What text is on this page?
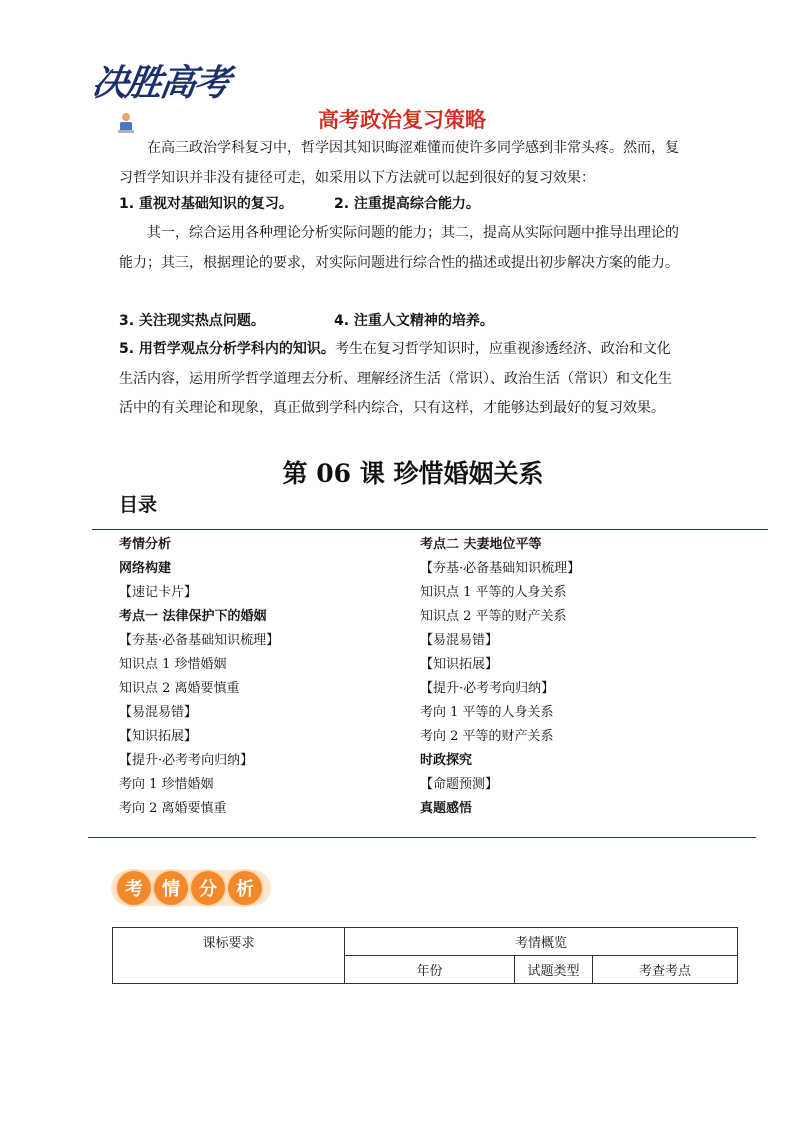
决胜高考
高考政治复习策略
在高三政治学科复习中，哲学因其知识晦涩难懂而使许多同学感到非常头疼。然而，复习哲学知识并非没有捷径可走，如采用以下方法就可以起到很好的复习效果：
1. 重视对基础知识的复习。	2. 注重提高综合能力。
其一，综合运用各种理论分析实际问题的能力；其二，提高从实际问题中推导出理论的能力；其三，根据理论的要求，对实际问题进行综合性的描述或提出初步解决方案的能力。
3. 关注现实热点问题。	4. 注重人文精神的培养。
5. 用哲学观点分析学科内的知识。考生在复习哲学知识时，应重视渗透经济、政治和文化生活内容，运用所学哲学道理去分析、理解经济生活（常识）、政治生活（常识）和文化生活中的有关理论和现象，真正做到学科内综合，只有这样，才能够达到最好的复习效果。
第 06 课 珍惜婚姻关系
目录
考情分析
网络构建
【速记卡片】
考点一 法律保护下的婚姻
【夯基·必备基础知识梳理】
知识点 1 珍惜婚姻
知识点 2 离婚要慎重
【易混易错】
【知识拓展】
【提升·必考考向归纳】
考向 1 珍惜婚姻
考向 2 离婚要慎重
考点二 夫妻地位平等
【夯基·必备基础知识梳理】
知识点 1 平等的人身关系
知识点 2 平等的财产关系
【易混易错】
【知识拓展】
【提升·必考考向归纳】
考向 1 平等的人身关系
考向 2 平等的财产关系
时政探究
【命题预测】
真题感悟
考	情	分	析
课标要求	考情概览		
	年份	试题类型	考查考点
